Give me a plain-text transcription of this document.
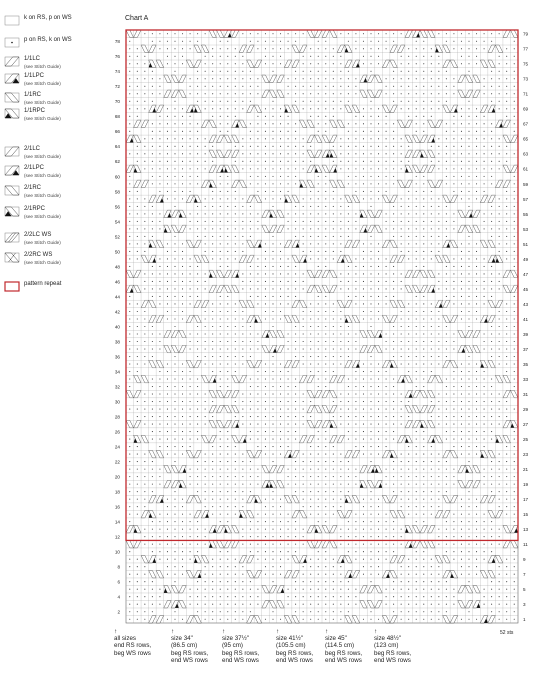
k on RS, p on WS
p on RS, k on WS
1/1LC
(see Stitch Guide)
1/1LPC
(see Stitch Guide)
1/1RC
(see Stitch Guide)
1/1RPC
(see Stitch Guide)
2/1LC
(see Stitch Guide)
2/1LPC
(see Stitch Guide)
2/1RC
(see Stitch Guide)
2/1RPC
(see Stitch Guide)
2/2LC WS
(see Stitch Guide)
2/2RC WS
(see Stitch Guide)
pattern repeat
Chart A
2
4
6
8
10
12
14
16
18
20
22
24
26
28
30
32
34
36
38
40
42
44
46
48
50
52
54
56
58
60
62
64
66
68
70
72
74
76
78
1
3
5
7
9
11
13
15
17
19
21
23
25
27
29
31
33
35
37
39
41
43
45
47
49
51
53
55
57
59
61
63
65
67
69
71
73
75
77
79
↑
all sizes
end RS rows,
beg WS rows
↑
size 34"
(86.5 cm)
beg RS rows,
end WS rows
↑
size 37½"
(95 cm)
beg RS rows,
end WS rows
↑
size 41½"
(105.5 cm)
beg RS rows,
end WS rows
↑
size 45"
(114.5 cm)
beg RS rows,
end WS rows
↑
size 48½"
(123 cm)
beg RS rows,
end WS rows
52 sts
